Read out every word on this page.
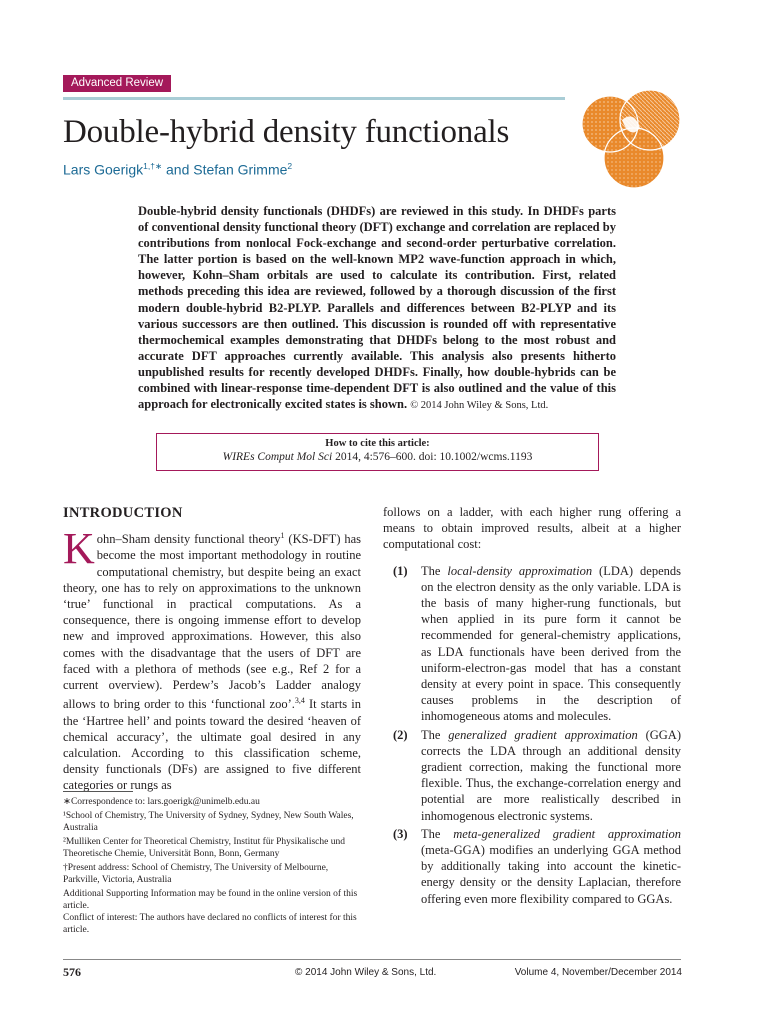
Advanced Review
Double-hybrid density functionals
Lars Goerigk$^{1,\dagger∗}$ and Stefan Grimme$^2$
Double-hybrid density functionals (DHDFs) are reviewed in this study. In DHDFs parts of conventional density functional theory (DFT) exchange and correlation are replaced by contributions from nonlocal Fock-exchange and second-order perturbative correlation. The latter portion is based on the well-known MP2 wave-function approach in which, however, Kohn–Sham orbitals are used to calculate its contribution. First, related methods preceding this idea are reviewed, followed by a thorough discussion of the first modern double-hybrid B2-PLYP. Parallels and differences between B2-PLYP and its various successors are then outlined. This discussion is rounded off with representative thermochemical examples demonstrating that DHDFs belong to the most robust and accurate DFT approaches currently available. This analysis also presents hitherto unpublished results for recently developed DHDFs. Finally, how double-hybrids can be combined with linear-response time-dependent DFT is also outlined and the value of this approach for electronically excited states is shown. © 2014 John Wiley & Sons, Ltd.
How to cite this article:
WIREs Comput Mol Sci 2014, 4:576–600. doi: 10.1002/wcms.1193
INTRODUCTION

Kohn–Sham density functional theory$^1$ (KS-DFT) has become the most important methodology in routine computational chemistry, but despite being an exact theory, one has to rely on approximations to the unknown ‘true’ functional in practical computations. As a consequence, there is ongoing immense effort to develop new and improved approximations. However, this also comes with the disadvantage that the users of DFT are faced with a plethora of methods (see e.g., Ref 2 for a current overview). Perdew’s Jacob’s Ladder analogy allows to bring order to this ‘functional zoo’.$^{3,4}$ It starts in the ‘Hartree hell’ and points toward the desired ‘heaven of chemical accuracy’, the ultimate goal desired in any calculation. According to this classification scheme, density functionals (DFs) are assigned to five different categories or rungs as

follows on a ladder, with each higher rung offering a means to obtain improved results, albeit at a higher computational cost:
(1) The local-density approximation (LDA) depends on the electron density as the only variable. LDA is the basis of many higher-rung functionals, but when applied in its pure form it cannot be recommended for general-chemistry applications, as LDA functionals have been derived from the uniform-electron-gas model that has a constant density at every point in space. This consequently causes problems in the description of inhomogeneous atoms and molecules.
(2) The generalized gradient approximation (GGA) corrects the LDA through an additional density gradient correction, making the functional more flexible. Thus, the exchange-correlation energy and potential are more realistically described in inhomogenous electronic systems.
(3) The meta-generalized gradient approximation (meta-GGA) modifies an underlying GGA method by additionally taking into account the kinetic-energy density or the density Laplacian, therefore offering even more flexibility compared to GGAs.
∗Correspondence to: lars.goerigk@unimelb.edu.au
¹School of Chemistry, The University of Sydney, Sydney, New South Wales, Australia
²Mulliken Center for Theoretical Chemistry, Institut für Physikalische und Theoretische Chemie, Universität Bonn, Bonn, Germany
†Present address: School of Chemistry, The University of Melbourne, Parkville, Victoria, Australia
Additional Supporting Information may be found in the online version of this article.
Conflict of interest: The authors have declared no conflicts of interest for this article.
576	© 2014 John Wiley & Sons, Ltd.	Volume 4, November/December 2014
